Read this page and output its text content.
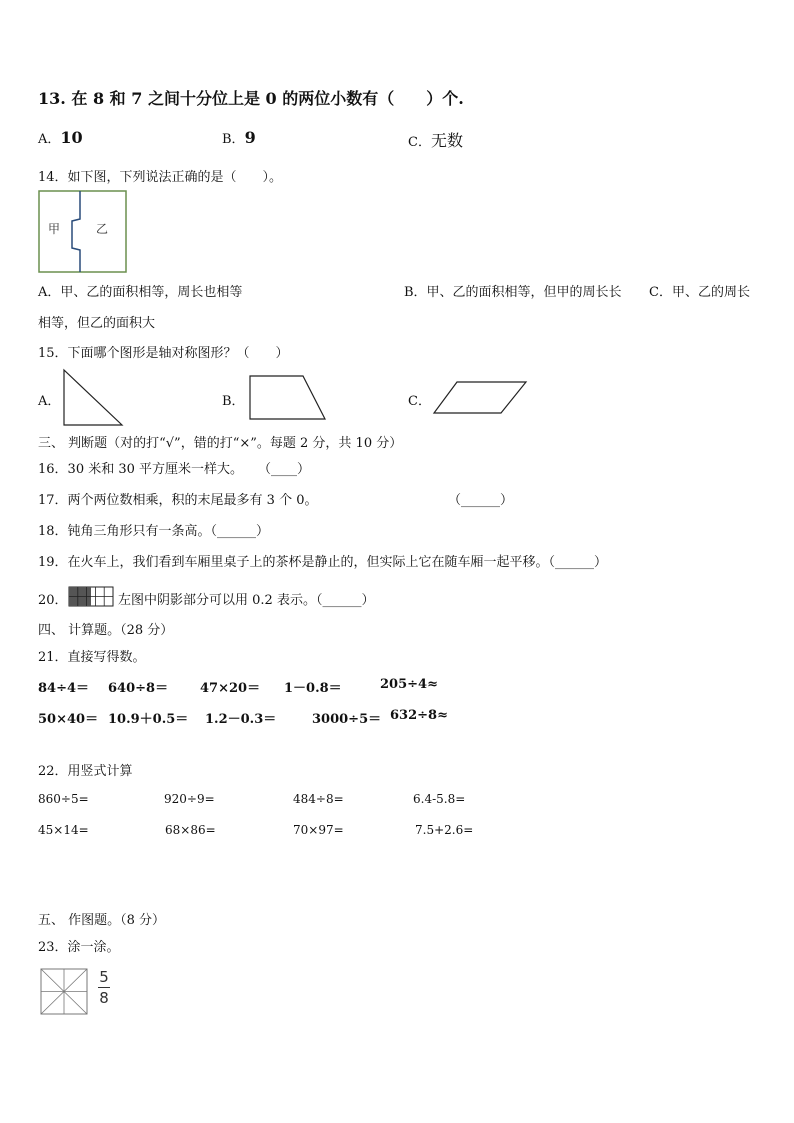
13. 在 8 和 7 之间十分位上是 0 的两位小数有（　　）个.
A．10	B．9	C．无数
14．如下图，下列说法正确的是（　　）。
甲	乙
A．甲、乙的面积相等，周长也相等	B．甲、乙的面积相等，但甲的周长长 C．甲、乙的周长
相等，但乙的面积大
15．下面哪个图形是轴对称图形？（　　）
A．	B．	C．
三、 判断题（对的打“√”，错的打“×”。每题 2 分，共 10 分）
16．30 米和 30 平方厘米一样大。 （____）
17．两个两位数相乘，积的末尾最多有 3 个 0。	（______）
18．钝角三角形只有一条高。（______）
19．在火车上，我们看到车厢里桌子上的茶杯是静止的，但实际上它在随车厢一起平移。（______）
20．	左图中阴影部分可以用 0.2 表示。（______）
四、 计算题。（28 分）
21．直接写得数。
84÷4＝ 640÷8＝ 47×20＝ 1－0.8＝	205÷4≈
50×40＝ 10.9＋0.5＝ 1.2－0.3＝	3000÷5＝ 632÷8≈
22．用竖式计算
860÷5=	920÷9=	484÷8=	6.4-5.8=
45×14=	68×86=	70×97=	7.5+2.6=
五、 作图题。（8 分）
23．涂一涂。
5
8
